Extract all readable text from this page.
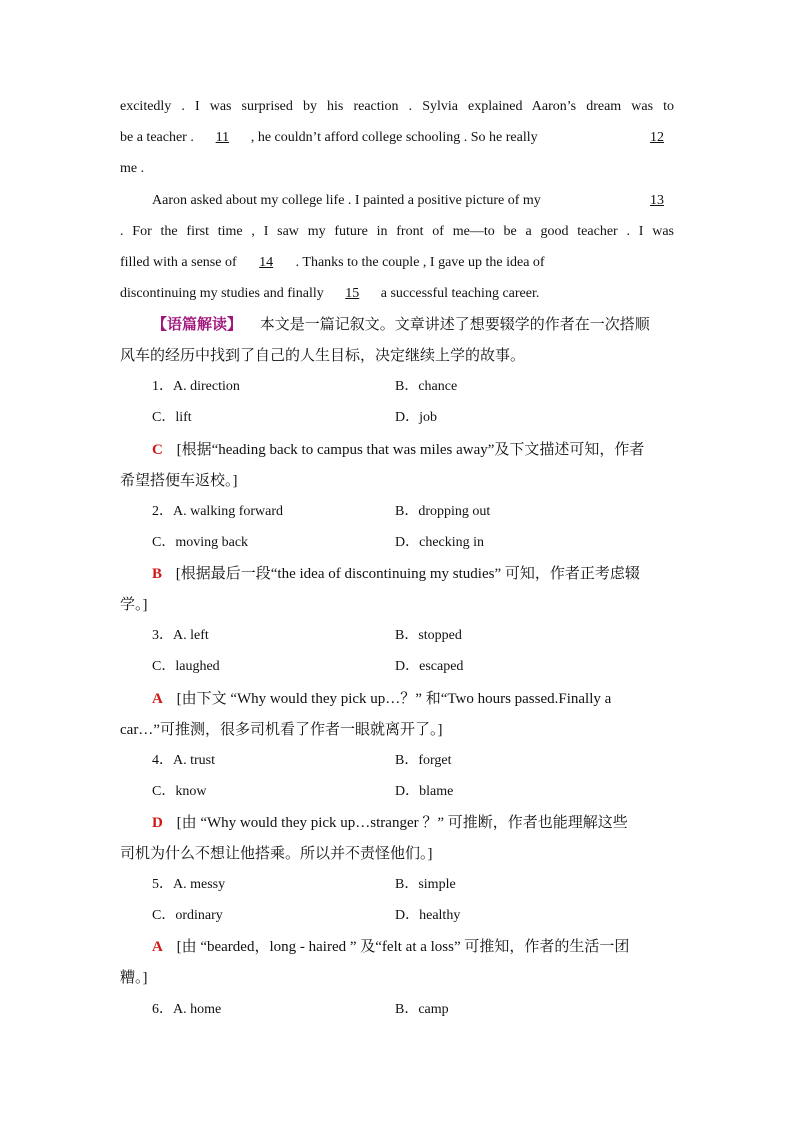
excitedly . I was surprised by his reaction . Sylvia explained Aaron’s dream was to
be a teacher . 11 , he couldn’t afford college schooling . So he really	12
me .
Aaron asked about my college life . I painted a positive picture of my	13
. For the first time , I saw my future in front of me—to be a good teacher . I was
filled with a sense of 14 . Thanks to the couple , I gave up the idea of
discontinuing my studies and finally 15 a successful teaching career.
【语篇解读】 本文是一篇记叙文。文章讲述了想要辍学的作者在一次搭顺
风车的经历中找到了自己的人生目标，决定继续上学的故事。
1．A. direction	B．chance
C．lift	D．job
C [根据“heading back to campus that was miles away”及下文描述可知，作者
希望搭便车返校。]
2．A. walking forward	B．dropping out
C．moving back	D．checking in
B [根据最后一段“the idea of discontinuing my studies” 可知，作者正考虑辍
学。]
3．A. left	B．stopped
C．laughed	D．escaped
A [由下文 “Why would they pick up…？” 和“Two hours passed.Finally a
car…”可推测，很多司机看了作者一眼就离开了。]
4．A. trust	B．forget
C．know	D．blame
D [由 “Why would they pick up…stranger ？” 可推断，作者也能理解这些
司机为什么不想让他搭乘。所以并不责怪他们。]
5．A. messy	B．simple
C．ordinary	D．healthy
A [由 “bearded，long - haired ” 及“felt at a loss” 可推知，作者的生活一团
糟。]
6．A. home	B．camp
